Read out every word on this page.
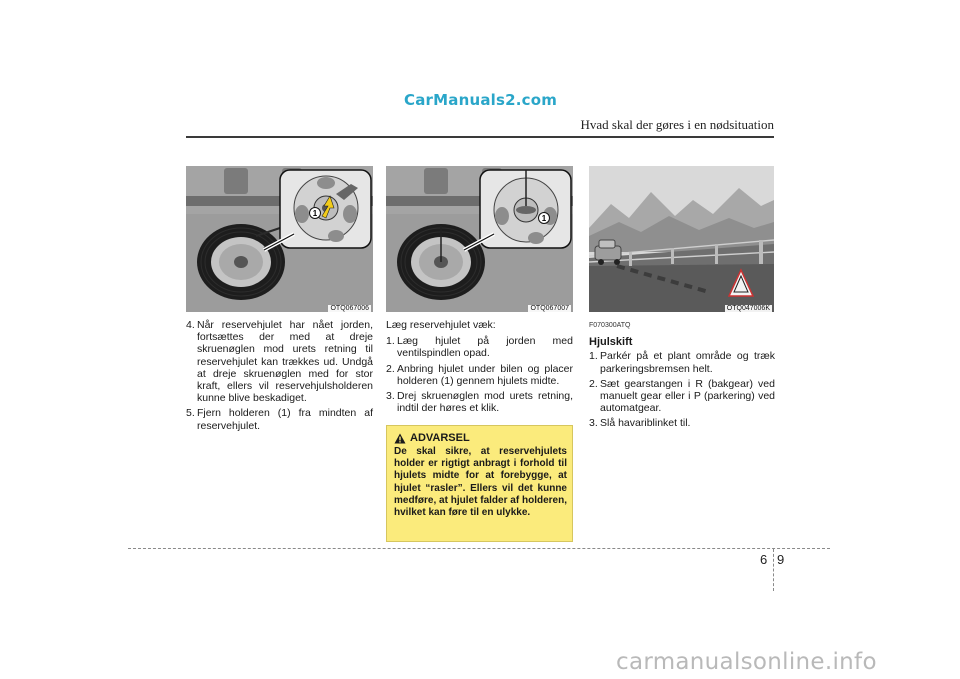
CarManuals2.com
carmanualsonline.info
Hvad skal der gøres i en nødsituation
1
OTQ067006
1
OTQ067007	OTQ047006K
4. Når reservehjulet har nået jorden, fortsættes der med at dreje skruenøglen mod urets retning til reservehjulet kan trækkes ud. Undgå at dreje skruenøglen med for stor kraft, ellers vil reservehjulsholderen kunne blive beskadiget.
5. Fjern holderen (1) fra mindten af reservehjulet.
Læg reservehjulet væk:
1. Læg hjulet på jorden med ventilspindlen opad.
2. Anbring hjulet under bilen og placer holderen (1) gennem hjulets midte.
3. Drej skruenøglen mod urets retning, indtil der høres et klik.
ADVARSEL
De skal sikre, at reservehjulets holder er rigtigt anbragt i forhold til hjulets midte for at forebygge, at hjulet “rasler”. Ellers vil det kunne medføre, at hjulet falder af holderen, hvilket kan føre til en ulykke.
F070300ATQ
Hjulskift
1. Parkér på et plant område og træk parkeringsbremsen helt.
2. Sæt gearstangen i R (bakgear) ved manuelt gear eller i P (parkering) ved automatgear.
3. Slå havariblinket til.
6 9
